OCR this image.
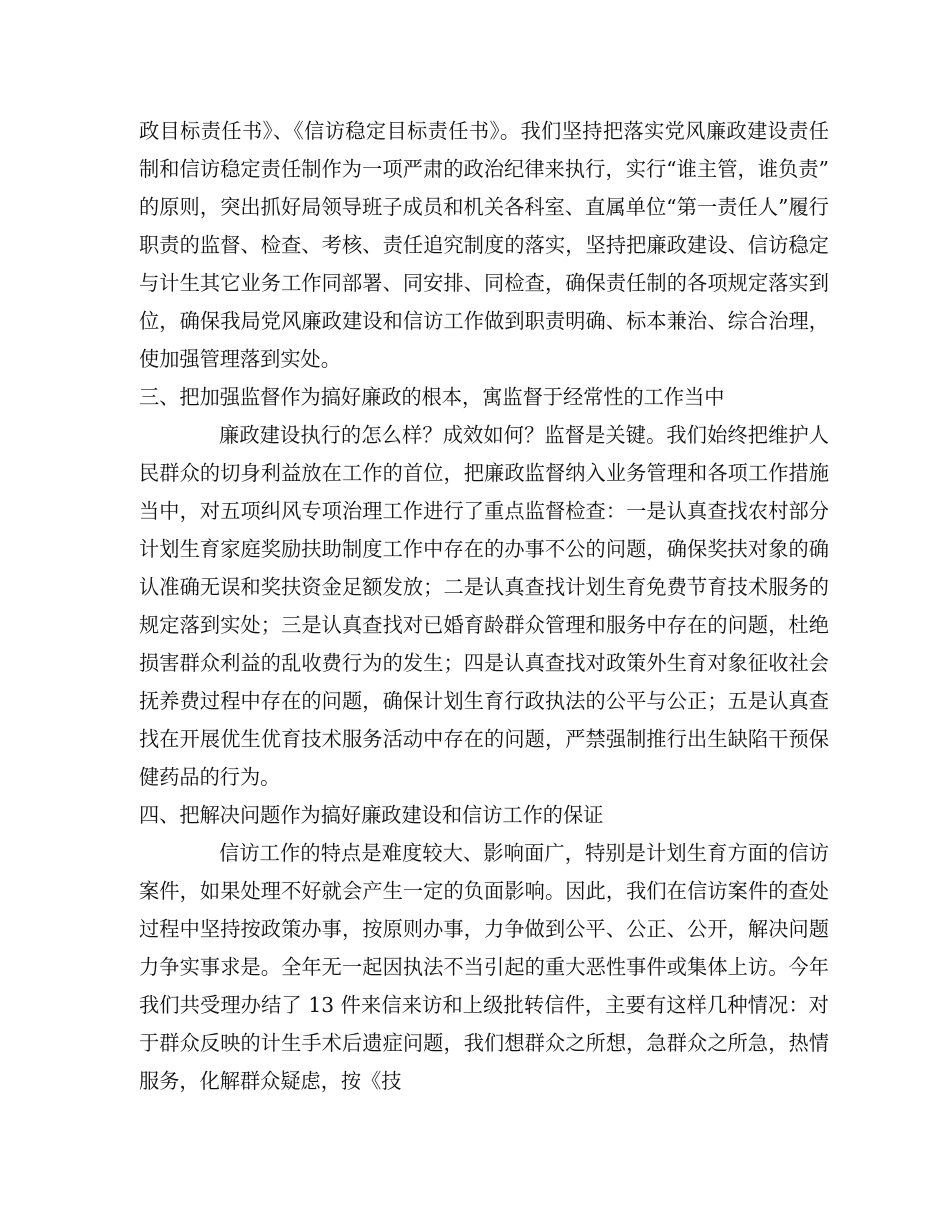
政目标责任书》、《信访稳定目标责任书》。我们坚持把落实党风廉政建设责任制和信访稳定责任制作为一项严肃的政治纪律来执行，实行“谁主管，谁负责”的原则，突出抓好局领导班子成员和机关各科室、直属单位“第一责任人”履行职责的监督、检查、考核、责任追究制度的落实，坚持把廉政建设、信访稳定与计生其它业务工作同部署、同安排、同检查，确保责任制的各项规定落实到位，确保我局党风廉政建设和信访工作做到职责明确、标本兼治、综合治理，使加强管理落到实处。

三、把加强监督作为搞好廉政的根本，寓监督于经常性的工作当中

廉政建设执行的怎么样？成效如何？监督是关键。我们始终把维护人民群众的切身利益放在工作的首位，把廉政监督纳入业务管理和各项工作措施当中，对五项纠风专项治理工作进行了重点监督检查：一是认真查找农村部分计划生育家庭奖励扶助制度工作中存在的办事不公的问题，确保奖扶对象的确认准确无误和奖扶资金足额发放；二是认真查找计划生育免费节育技术服务的规定落到实处；三是认真查找对已婚育龄群众管理和服务中存在的问题，杜绝损害群众利益的乱收费行为的发生；四是认真查找对政策外生育对象征收社会抚养费过程中存在的问题，确保计划生育行政执法的公平与公正；五是认真查找在开展优生优育技术服务活动中存在的问题，严禁强制推行出生缺陷干预保健药品的行为。

四、把解决问题作为搞好廉政建设和信访工作的保证

信访工作的特点是难度较大、影响面广，特别是计划生育方面的信访案件，如果处理不好就会产生一定的负面影响。因此，我们在信访案件的查处过程中坚持按政策办事，按原则办事，力争做到公平、公正、公开，解决问题力争实事求是。全年无一起因执法不当引起的重大恶性事件或集体上访。今年我们共受理办结了 13 件来信来访和上级批转信件，主要有这样几种情况：对于群众反映的计生手术后遗症问题，我们想群众之所想，急群众之所急，热情服务，化解群众疑虑，按《技
